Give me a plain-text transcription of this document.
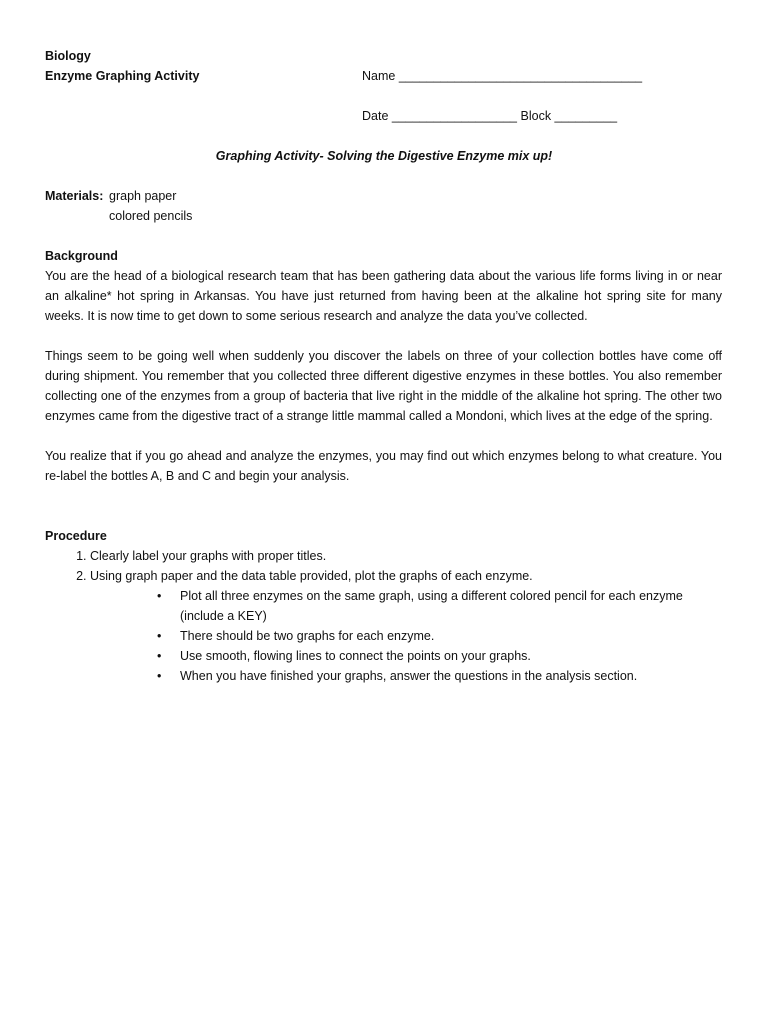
Biology
Enzyme Graphing Activity	Name ___________________________________
Date __________________ Block _________
Graphing Activity- Solving the Digestive Enzyme mix up!
Materials: graph paper
colored pencils
Background
You are the head of a biological research team that has been gathering data about the various life forms living in or near an alkaline* hot spring in Arkansas. You have just returned from having been at the alkaline hot spring site for many weeks. It is now time to get down to some serious research and analyze the data you’ve collected.
Things seem to be going well when suddenly you discover the labels on three of your collection bottles have come off during shipment. You remember that you collected three different digestive enzymes in these bottles. You also remember collecting one of the enzymes from a group of bacteria that live right in the middle of the alkaline hot spring. The other two enzymes came from the digestive tract of a strange little mammal called a Mondoni, which lives at the edge of the spring.
You realize that if you go ahead and analyze the enzymes, you may find out which enzymes belong to what creature. You re-label the bottles A, B and C and begin your analysis.
Procedure
1. Clearly label your graphs with proper titles.
2. Using graph paper and the data table provided, plot the graphs of each enzyme.
• Plot all three enzymes on the same graph, using a different colored pencil for each enzyme (include a KEY)
• There should be two graphs for each enzyme.
• Use smooth, flowing lines to connect the points on your graphs.
• When you have finished your graphs, answer the questions in the analysis section.
